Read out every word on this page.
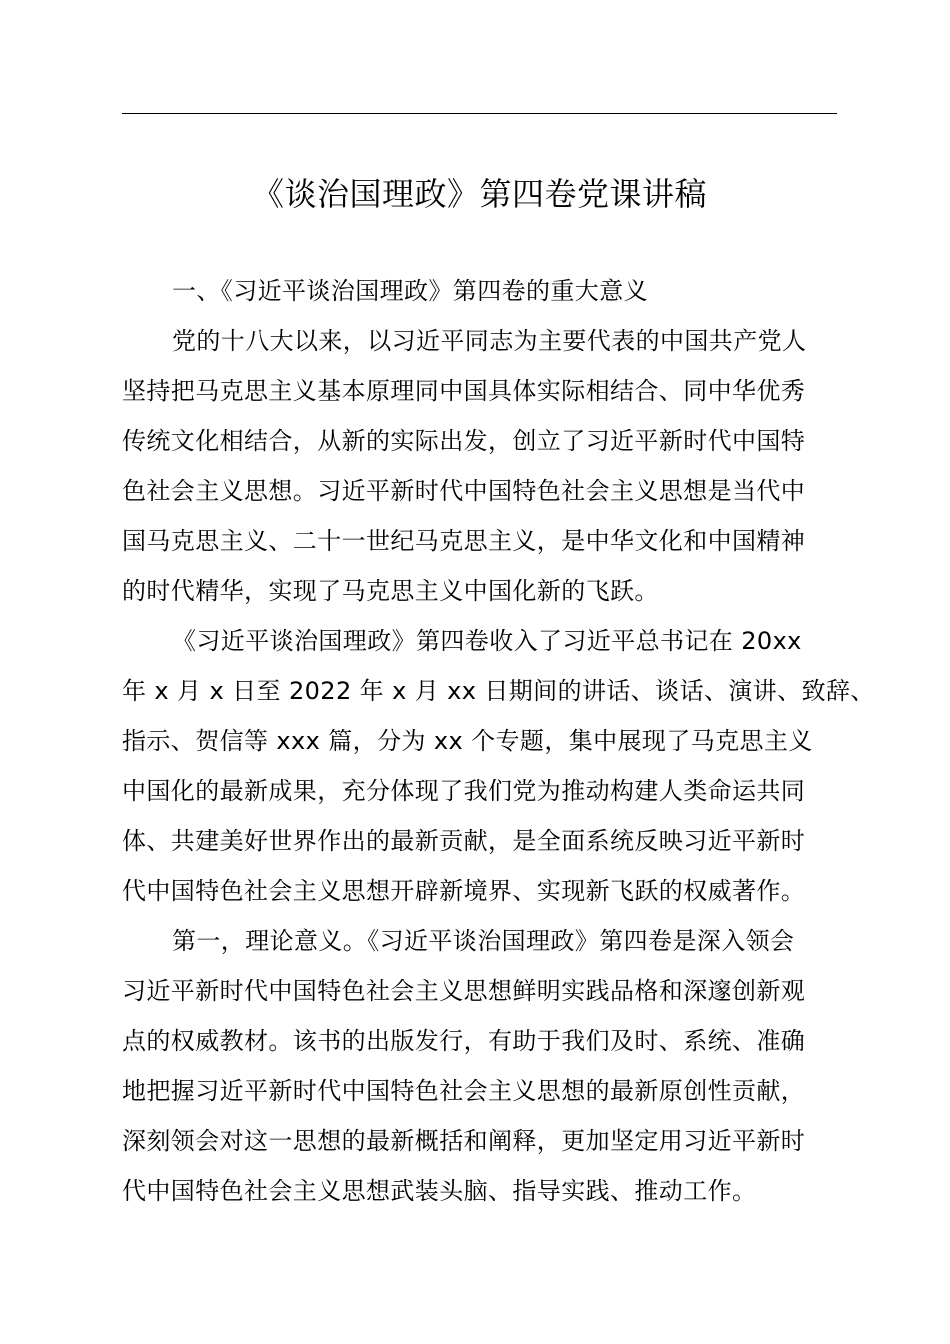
《谈治国理政》第四卷党课讲稿
一、《习近平谈治国理政》第四卷的重大意义
党的十八大以来，以习近平同志为主要代表的中国共产党人
坚持把马克思主义基本原理同中国具体实际相结合、同中华优秀
传统文化相结合，从新的实际出发，创立了习近平新时代中国特
色社会主义思想。习近平新时代中国特色社会主义思想是当代中
国马克思主义、二十一世纪马克思主义，是中华文化和中国精神
的时代精华，实现了马克思主义中国化新的飞跃。
《习近平谈治国理政》第四卷收入了习近平总书记在 20xx
年 x 月 x 日至 2022 年 x 月 xx 日期间的讲话、谈话、演讲、致辞、
指示、贺信等 xxx 篇，分为 xx 个专题，集中展现了马克思主义
中国化的最新成果，充分体现了我们党为推动构建人类命运共同
体、共建美好世界作出的最新贡献，是全面系统反映习近平新时
代中国特色社会主义思想开辟新境界、实现新飞跃的权威著作。
第一，理论意义。《习近平谈治国理政》第四卷是深入领会
习近平新时代中国特色社会主义思想鲜明实践品格和深邃创新观
点的权威教材。该书的出版发行，有助于我们及时、系统、准确
地把握习近平新时代中国特色社会主义思想的最新原创性贡献，
深刻领会对这一思想的最新概括和阐释，更加坚定用习近平新时
代中国特色社会主义思想武装头脑、指导实践、推动工作。
